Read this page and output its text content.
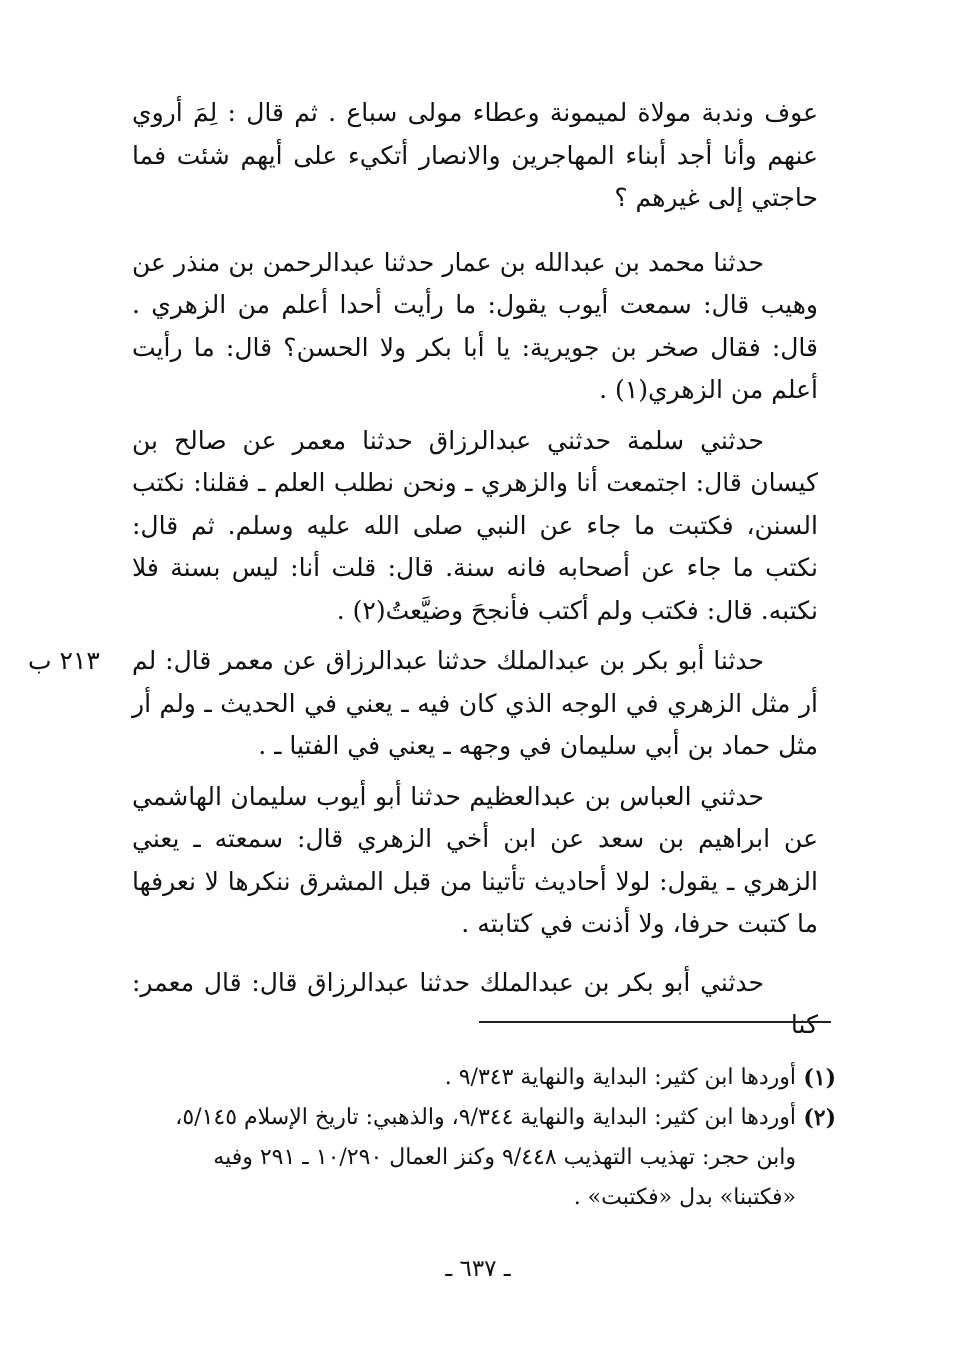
عوف وندبة مولاة لميمونة وعطاء مولى سباع . ثم قال : لِمَ أروي عنهم وأنا أجد أبناء المهاجرين والانصار أتكيء على أيهم شئت فما حاجتي إلى غيرهم ؟

حدثنا محمد بن عبدالله بن عمار حدثنا عبدالرحمن بن منذر عن وهيب قال: سمعت أيوب يقول: ما رأيت أحدا أعلم من الزهري . قال: فقال صخر بن جويرية: يا أبا بكر ولا الحسن؟ قال: ما رأيت أعلم من الزهري(١) .

حدثني سلمة حدثني عبدالرزاق حدثنا معمر عن صالح بن كيسان قال: اجتمعت أنا والزهري ـ ونحن نطلب العلم ـ فقلنا: نكتب السنن، فكتبت ما جاء عن النبي صلى الله عليه وسلم. ثم قال: نكتب ما جاء عن أصحابه فانه سنة. قال: قلت أنا: ليس بسنة فلا نكتبه. قال: فكتب ولم أكتب فأنجحَ وضيَّعتُ(٢) .

حدثنا أبو بكر بن عبدالملك حدثنا عبدالرزاق عن معمر قال: لم أر مثل الزهري في الوجه الذي كان فيه ـ يعني في الحديث ـ ولم أر مثل حماد بن أبي سليمان في وجهه ـ يعني في الفتيا ـ .

حدثني العباس بن عبدالعظيم حدثنا أبو أيوب سليمان الهاشمي عن ابراهيم بن سعد عن ابن أخي الزهري قال: سمعته ـ يعني الزهري ـ يقول: لولا أحاديث تأتينا من قبل المشرق ننكرها لا نعرفها ما كتبت حرفا، ولا أذنت في كتابته .

حدثني أبو بكر بن عبدالملك حدثنا عبدالرزاق قال: قال معمر: كنا

٢١٣ ب
(١)
أوردها ابن كثير: البداية والنهاية ٩/٣٤٣ .
(٢)
أوردها ابن كثير: البداية والنهاية ٩/٣٤٤، والذهبي: تاريخ الإسلام ٥/١٤٥، وابن حجر: تهذيب التهذيب ٩/٤٤٨ وكنز العمال ١٠/٢٩٠ ـ ٢٩١ وفيه «فكتبنا» بدل «فكتبت» .
ـ ٦٣٧ ـ
